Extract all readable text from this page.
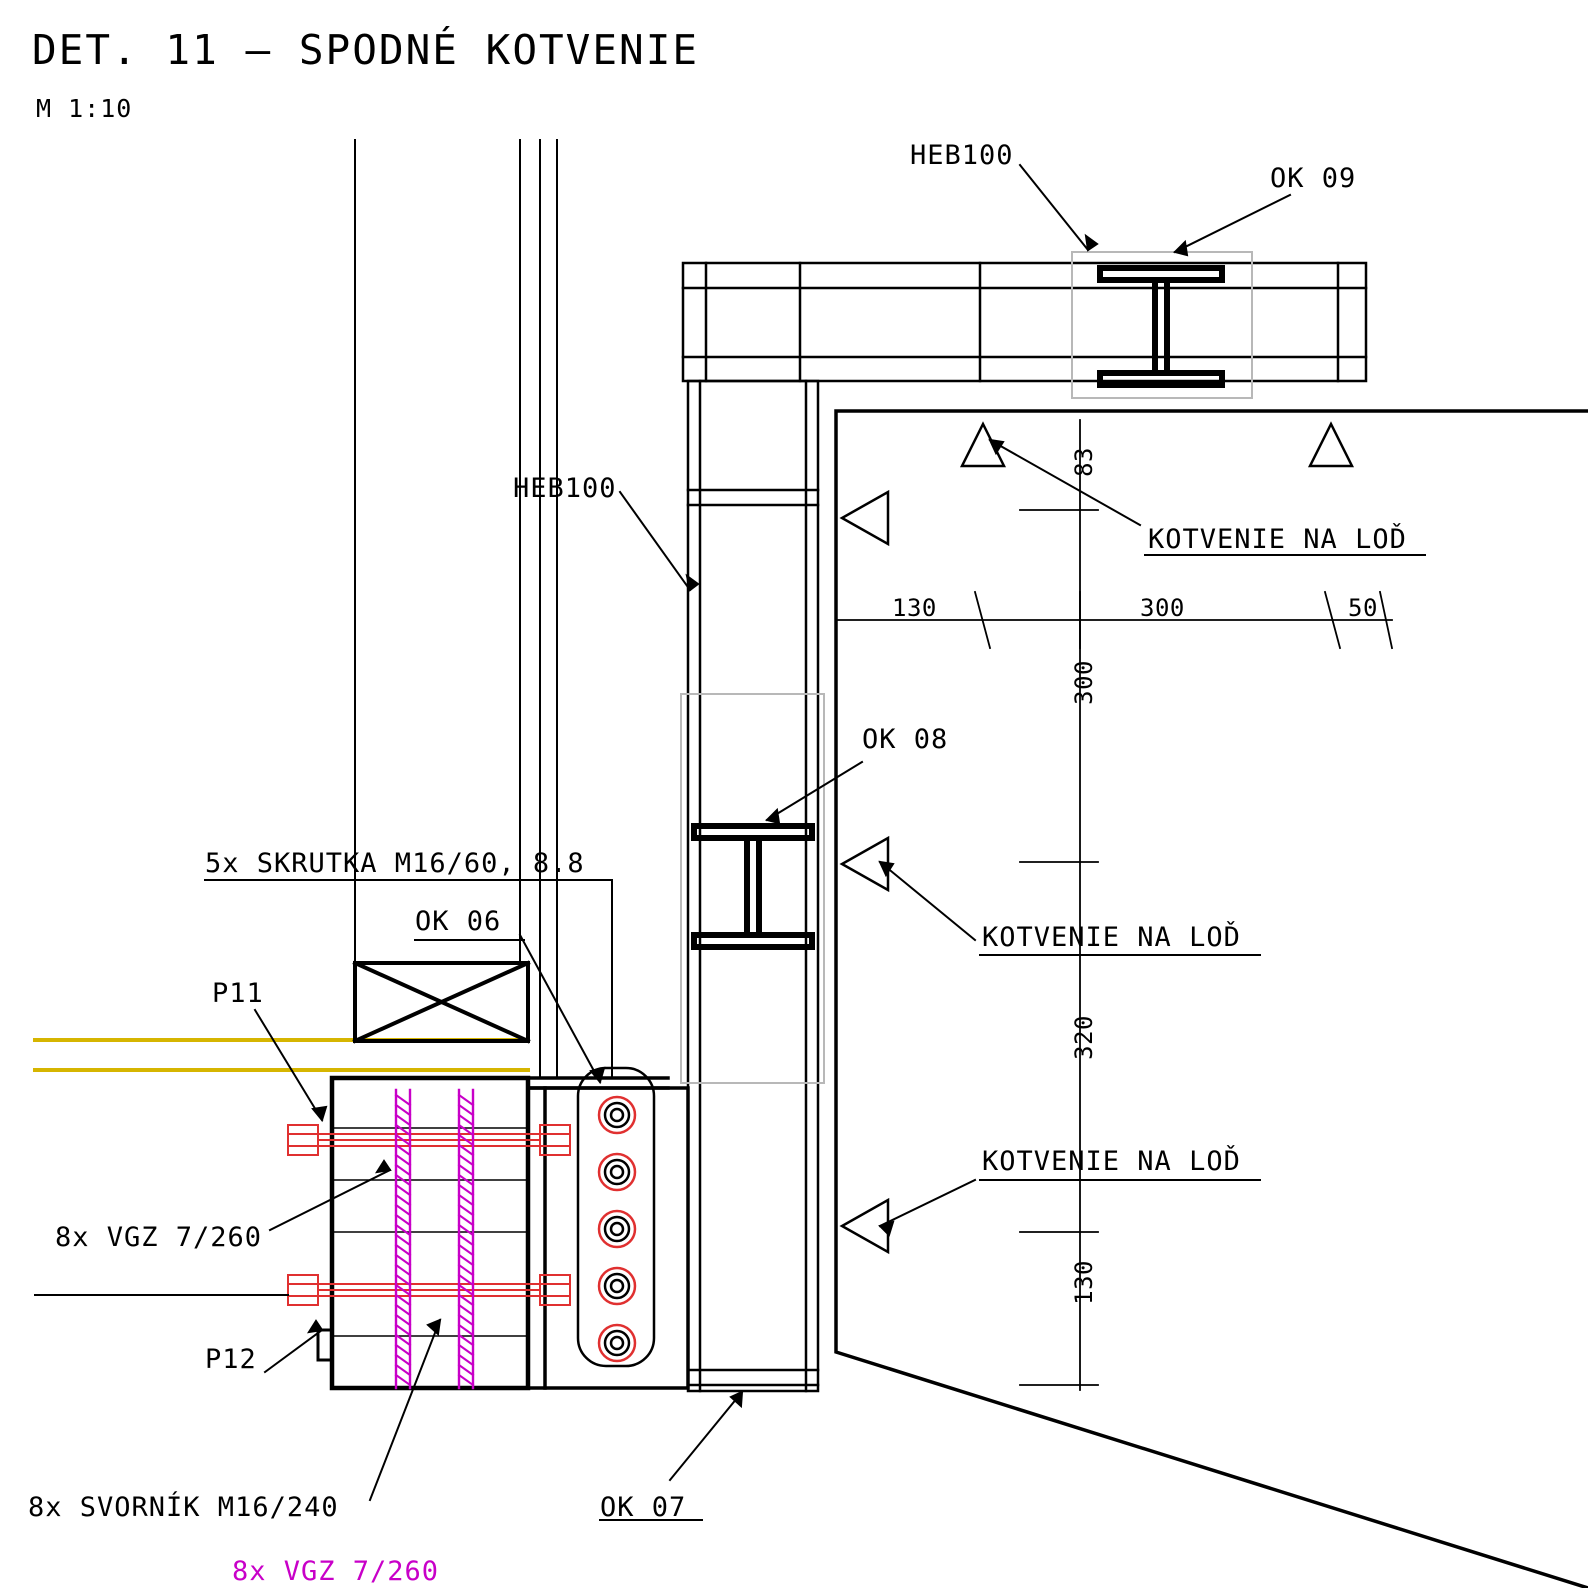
DET. 11 – SPODNÉ KOTVENIE
M 1:10
HEB100
OK 09
HEB100
OK 08
OK 07
OK 06
P11
P12
5x SKRUTKA M16/60, 8.8
8x VGZ 7/260
8x SVORNÍK M16/240
8x VGZ 7/260
KOTVENIE NA LOĎ
KOTVENIE NA LOĎ
KOTVENIE NA LOĎ
83
130	300	50
300
320
130
